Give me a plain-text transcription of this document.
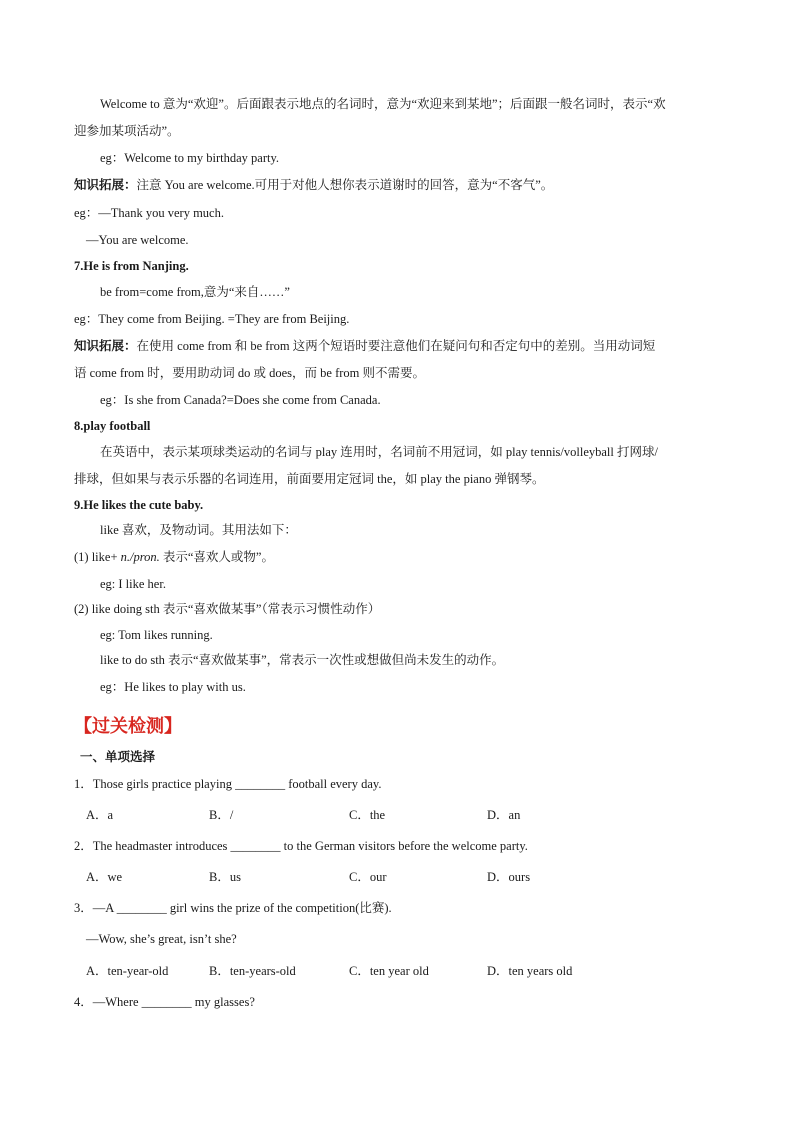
Welcome to 意为“欢迎”。后面跟表示地点的名词时，意为“欢迎来到某地”；后面跟一般名词时，表示“欢
迎参加某项活动”。
eg：Welcome to my birthday party.
知识拓展：注意 You are welcome.可用于对他人想你表示道谢时的回答，意为“不客气”。
eg：—Thank you very much.
—You are welcome.
7.He is from Nanjing.
be from=come from,意为“来自……”
eg：They come from Beijing. =They are from Beijing.
知识拓展：在使用 come from 和 be from 这两个短语时要注意他们在疑问句和否定句中的差别。当用动词短
语 come from 时，要用助动词 do 或 does，而 be from 则不需要。
eg：Is she from Canada?=Does she come from Canada.
8.play football
在英语中，表示某项球类运动的名词与 play 连用时，名词前不用冠词，如 play tennis/volleyball 打网球/
排球，但如果与表示乐器的名词连用，前面要用定冠词 the，如 play the piano 弹钢琴。
9.He likes the cute baby.
like 喜欢，及物动词。其用法如下：
(1) like+ n./pron. 表示“喜欢人或物”。
eg: I like her.
(2) like doing sth 表示“喜欢做某事”（常表示习惯性动作）
eg: Tom likes running.
like to do sth 表示“喜欢做某事”，常表示一次性或想做但尚未发生的动作。
eg：He likes to play with us.
【过关检测】
一、单项选择
1．Those girls practice playing ________ football every day.
A．a	B．/	C．the	D．an
2．The headmaster introduces ________ to the German visitors before the welcome party.
A．we	B．us	C．our	D．ours
3．—A ________ girl wins the prize of the competition(比赛).
—Wow, she’s great, isn’t she?
A．ten-year-old	B．ten-years-old	C．ten year old	D．ten years old
4．—Where ________ my glasses?
